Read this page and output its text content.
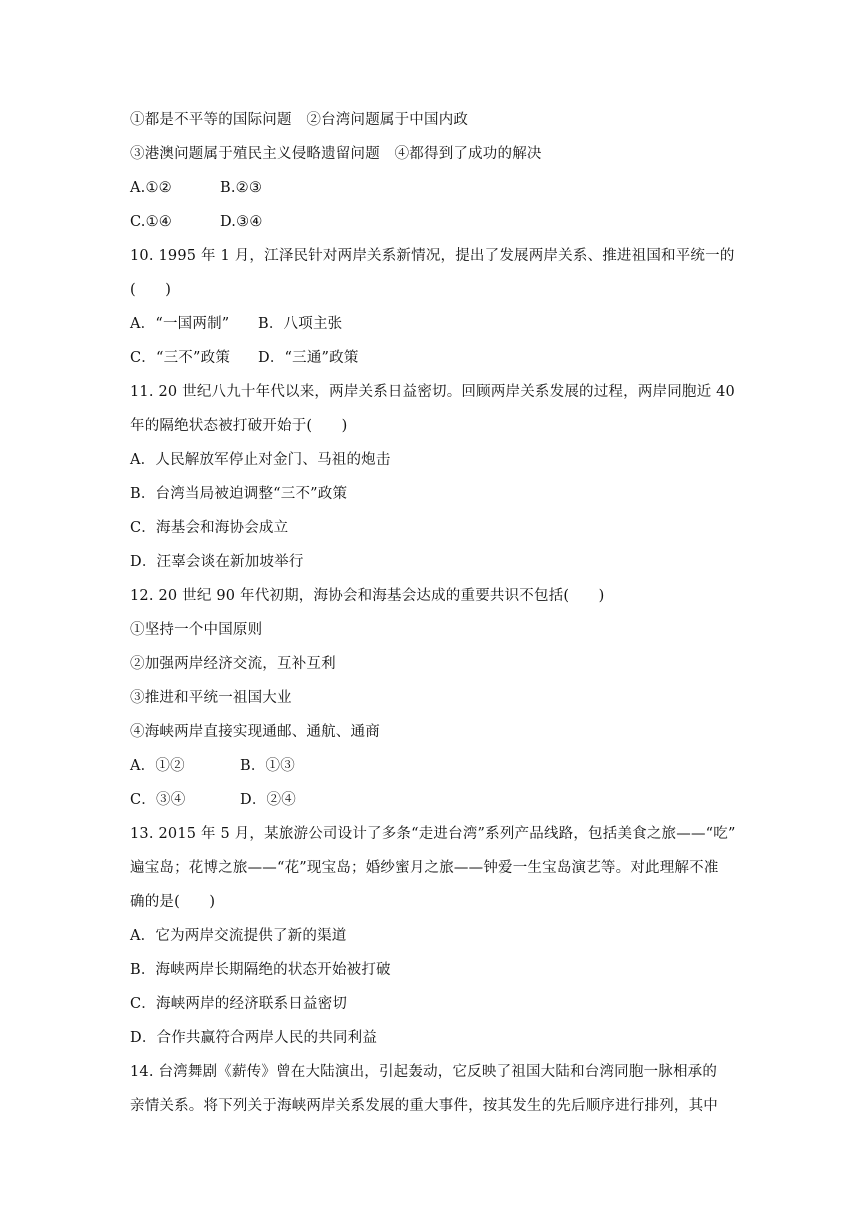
①都是不平等的国际问题　②台湾问题属于中国内政
③港澳问题属于殖民主义侵略遗留问题　④都得到了成功的解决
A.①②	B.②③
C.①④	D.③④
10. 1995 年 1 月，江泽民针对两岸关系新情况，提出了发展两岸关系、推进祖国和平统一的
(　　)
A．“一国两制” B．八项主张
C．“三不”政策 D．“三通”政策
11. 20 世纪八九十年代以来，两岸关系日益密切。回顾两岸关系发展的过程，两岸同胞近 40
年的隔绝状态被打破开始于(　　)
A．人民解放军停止对金门、马祖的炮击
B．台湾当局被迫调整“三不”政策
C．海基会和海协会成立
D．汪辜会谈在新加坡举行
12. 20 世纪 90 年代初期，海协会和海基会达成的重要共识不包括(　　)
①坚持一个中国原则
②加强两岸经济交流，互补互利
③推进和平统一祖国大业
④海峡两岸直接实现通邮、通航、通商
A．①②	B．①③
C．③④	D．②④
13. 2015 年 5 月，某旅游公司设计了多条“走进台湾”系列产品线路，包括美食之旅——“吃”
遍宝岛；花博之旅——“花”现宝岛；婚纱蜜月之旅——钟爱一生宝岛演艺等。对此理解不准
确的是(　　)
A．它为两岸交流提供了新的渠道
B．海峡两岸长期隔绝的状态开始被打破
C．海峡两岸的经济联系日益密切
D．合作共赢符合两岸人民的共同利益
14. 台湾舞剧《薪传》曾在大陆演出，引起轰动，它反映了祖国大陆和台湾同胞一脉相承的
亲情关系。将下列关于海峡两岸关系发展的重大事件，按其发生的先后顺序进行排列，其中
